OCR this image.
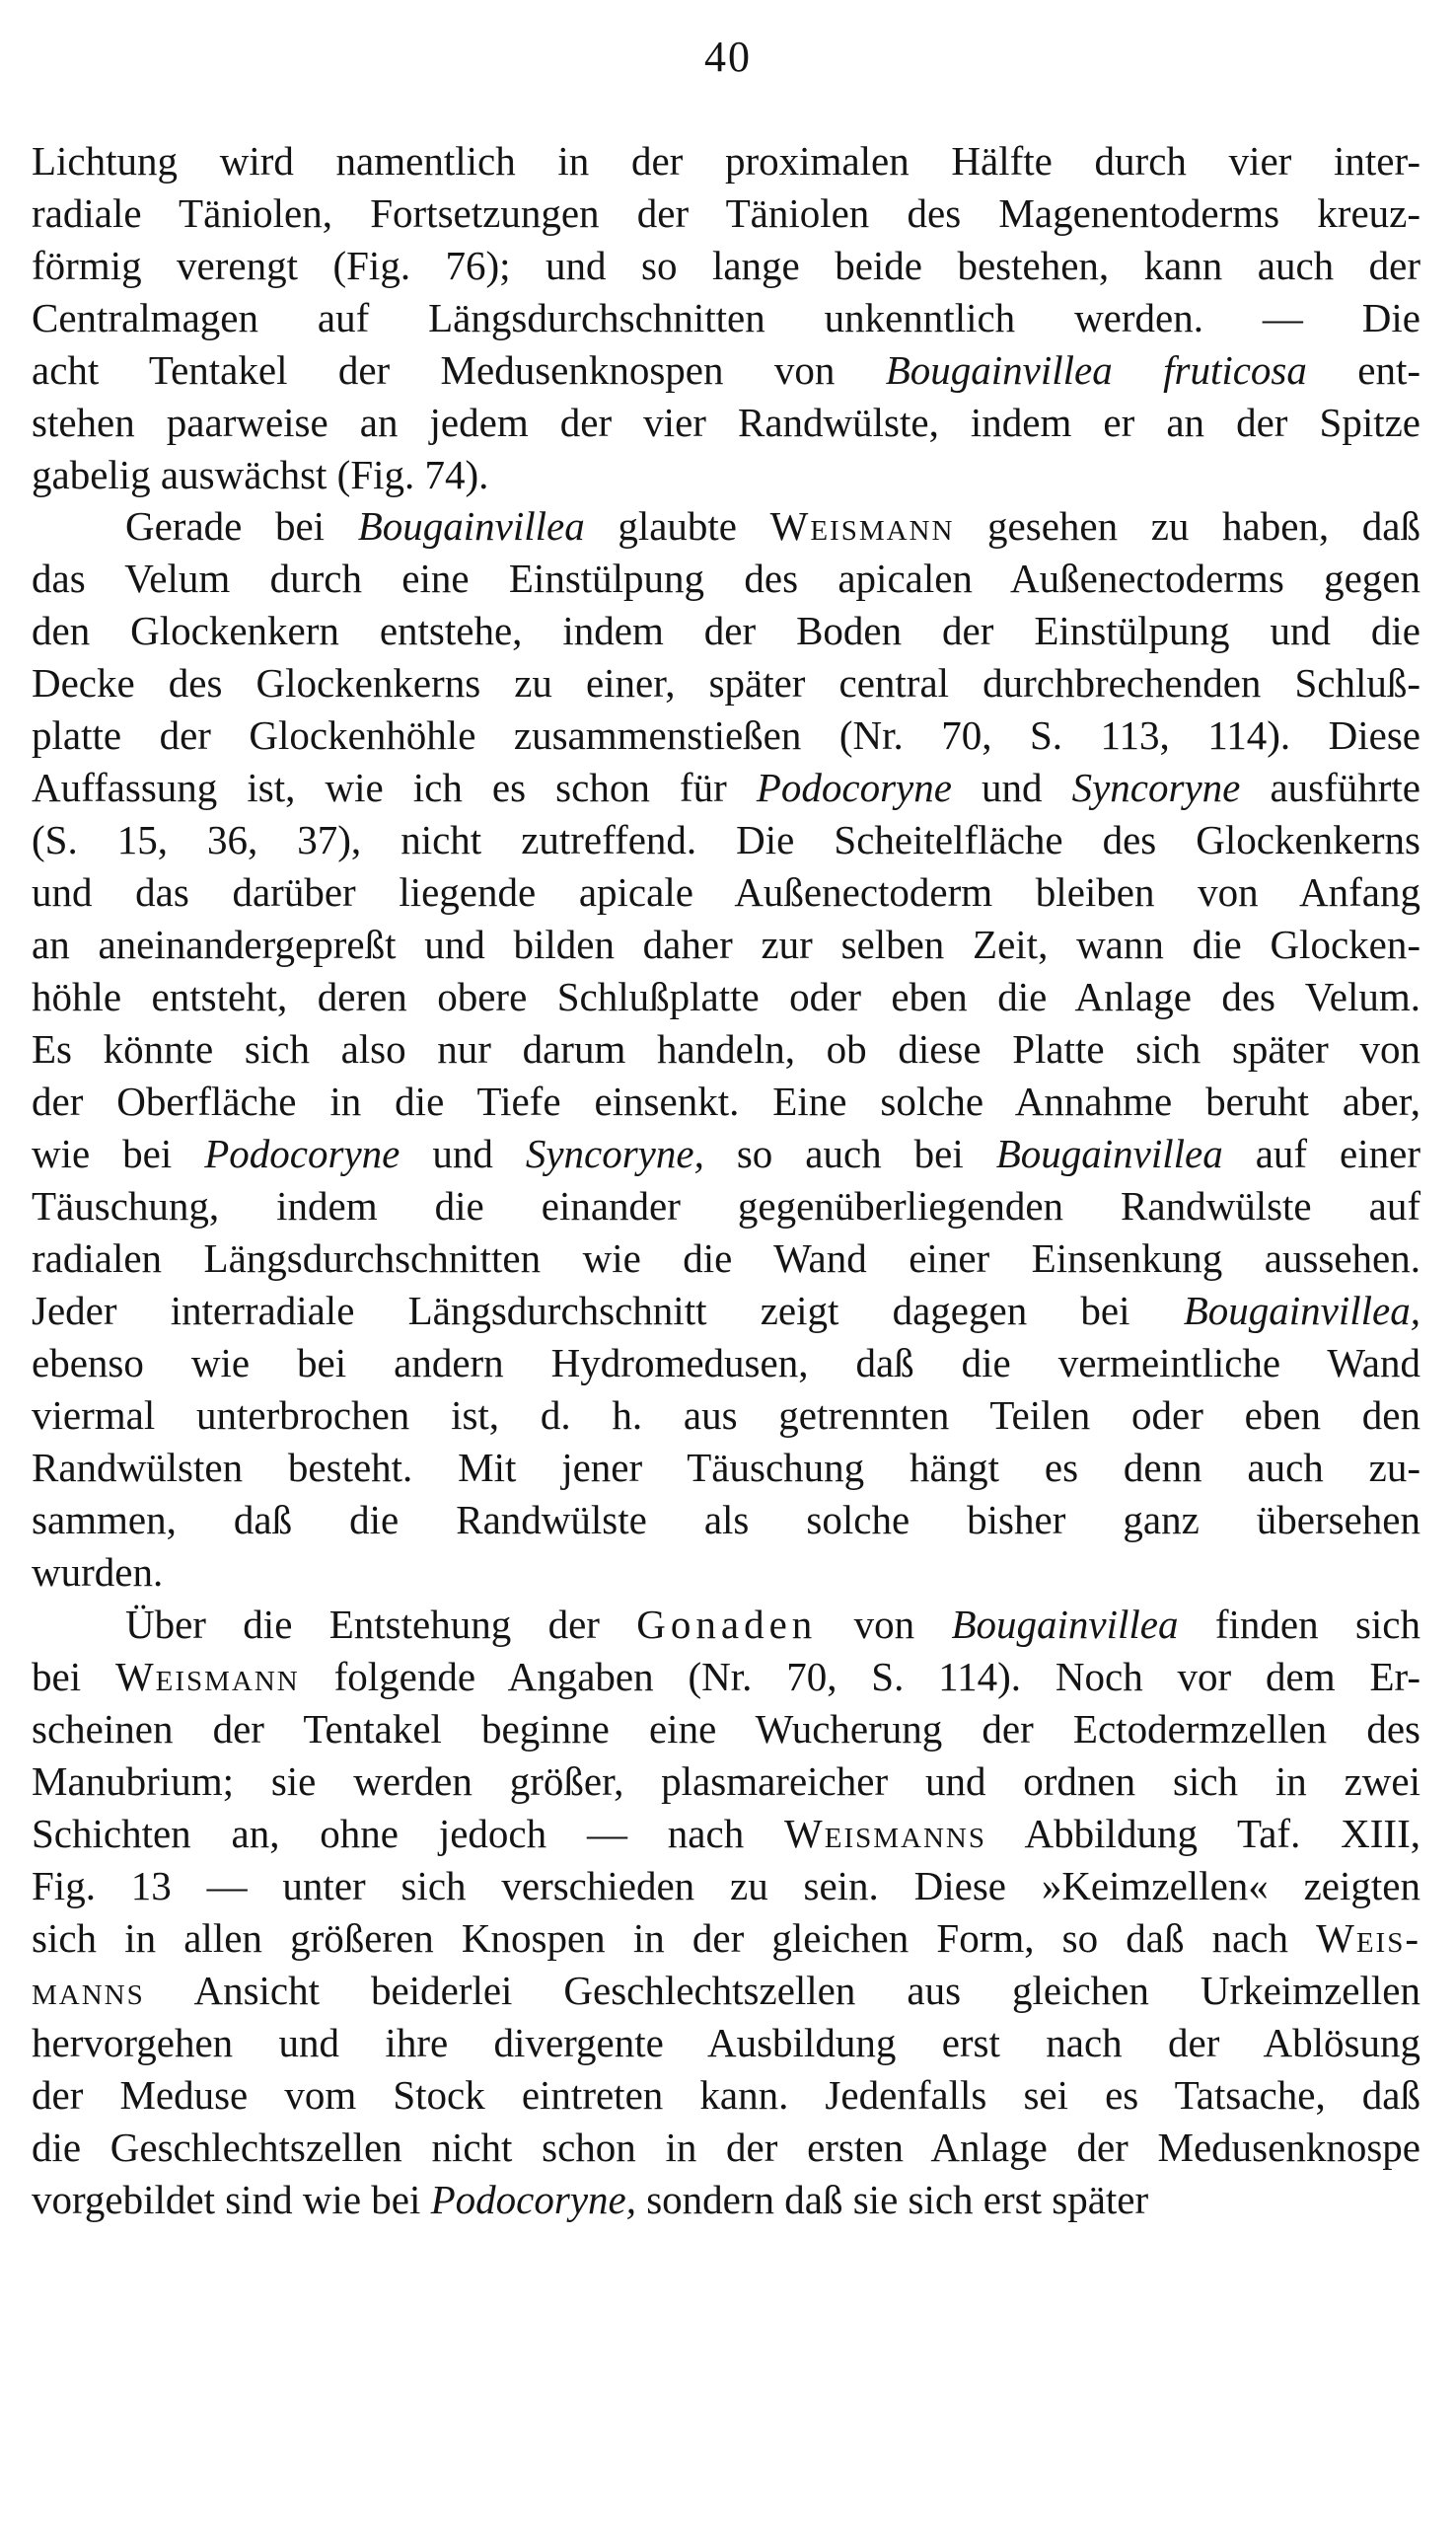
40
Lichtung wird namentlich in der proximalen Hälfte durch vier inter-
radiale Täniolen, Fortsetzungen der Täniolen des Magenentoderms kreuz-
förmig verengt (Fig. 76); und so lange beide bestehen, kann auch der
Centralmagen auf Längsdurchschnitten unkenntlich werden. — Die
acht Tentakel der Medusenknospen von Bougainvillea fruticosa ent-
stehen paarweise an jedem der vier Randwülste, indem er an der Spitze
gabelig auswächst (Fig. 74).
Gerade bei Bougainvillea glaubte Weismann gesehen zu haben, daß
das Velum durch eine Einstülpung des apicalen Außenectoderms gegen
den Glockenkern entstehe, indem der Boden der Einstülpung und die
Decke des Glockenkerns zu einer, später central durchbrechenden Schluß-
platte der Glockenhöhle zusammenstießen (Nr. 70, S. 113, 114). Diese
Auffassung ist, wie ich es schon für Podocoryne und Syncoryne ausführte
(S. 15, 36, 37), nicht zutreffend. Die Scheitelfläche des Glockenkerns
und das darüber liegende apicale Außenectoderm bleiben von Anfang
an aneinandergepreßt und bilden daher zur selben Zeit, wann die Glocken-
höhle entsteht, deren obere Schlußplatte oder eben die Anlage des Velum.
Es könnte sich also nur darum handeln, ob diese Platte sich später von
der Oberfläche in die Tiefe einsenkt. Eine solche Annahme beruht aber,
wie bei Podocoryne und Syncoryne, so auch bei Bougainvillea auf einer
Täuschung, indem die einander gegenüberliegenden Randwülste auf
radialen Längsdurchschnitten wie die Wand einer Einsenkung aussehen.
Jeder interradiale Längsdurchschnitt zeigt dagegen bei Bougainvillea,
ebenso wie bei andern Hydromedusen, daß die vermeintliche Wand
viermal unterbrochen ist, d. h. aus getrennten Teilen oder eben den
Randwülsten besteht. Mit jener Täuschung hängt es denn auch zu-
sammen, daß die Randwülste als solche bisher ganz übersehen
wurden.
Über die Entstehung der Gonaden von Bougainvillea finden sich
bei Weismann folgende Angaben (Nr. 70, S. 114). Noch vor dem Er-
scheinen der Tentakel beginne eine Wucherung der Ectodermzellen des
Manubrium; sie werden größer, plasmareicher und ordnen sich in zwei
Schichten an, ohne jedoch — nach Weismanns Abbildung Taf. XIII,
Fig. 13 — unter sich verschieden zu sein. Diese »Keimzellen« zeigten
sich in allen größeren Knospen in der gleichen Form, so daß nach Weis-
manns Ansicht beiderlei Geschlechtszellen aus gleichen Urkeimzellen
hervorgehen und ihre divergente Ausbildung erst nach der Ablösung
der Meduse vom Stock eintreten kann. Jedenfalls sei es Tatsache, daß
die Geschlechtszellen nicht schon in der ersten Anlage der Medusenknospe
vorgebildet sind wie bei Podocoryne, sondern daß sie sich erst später
